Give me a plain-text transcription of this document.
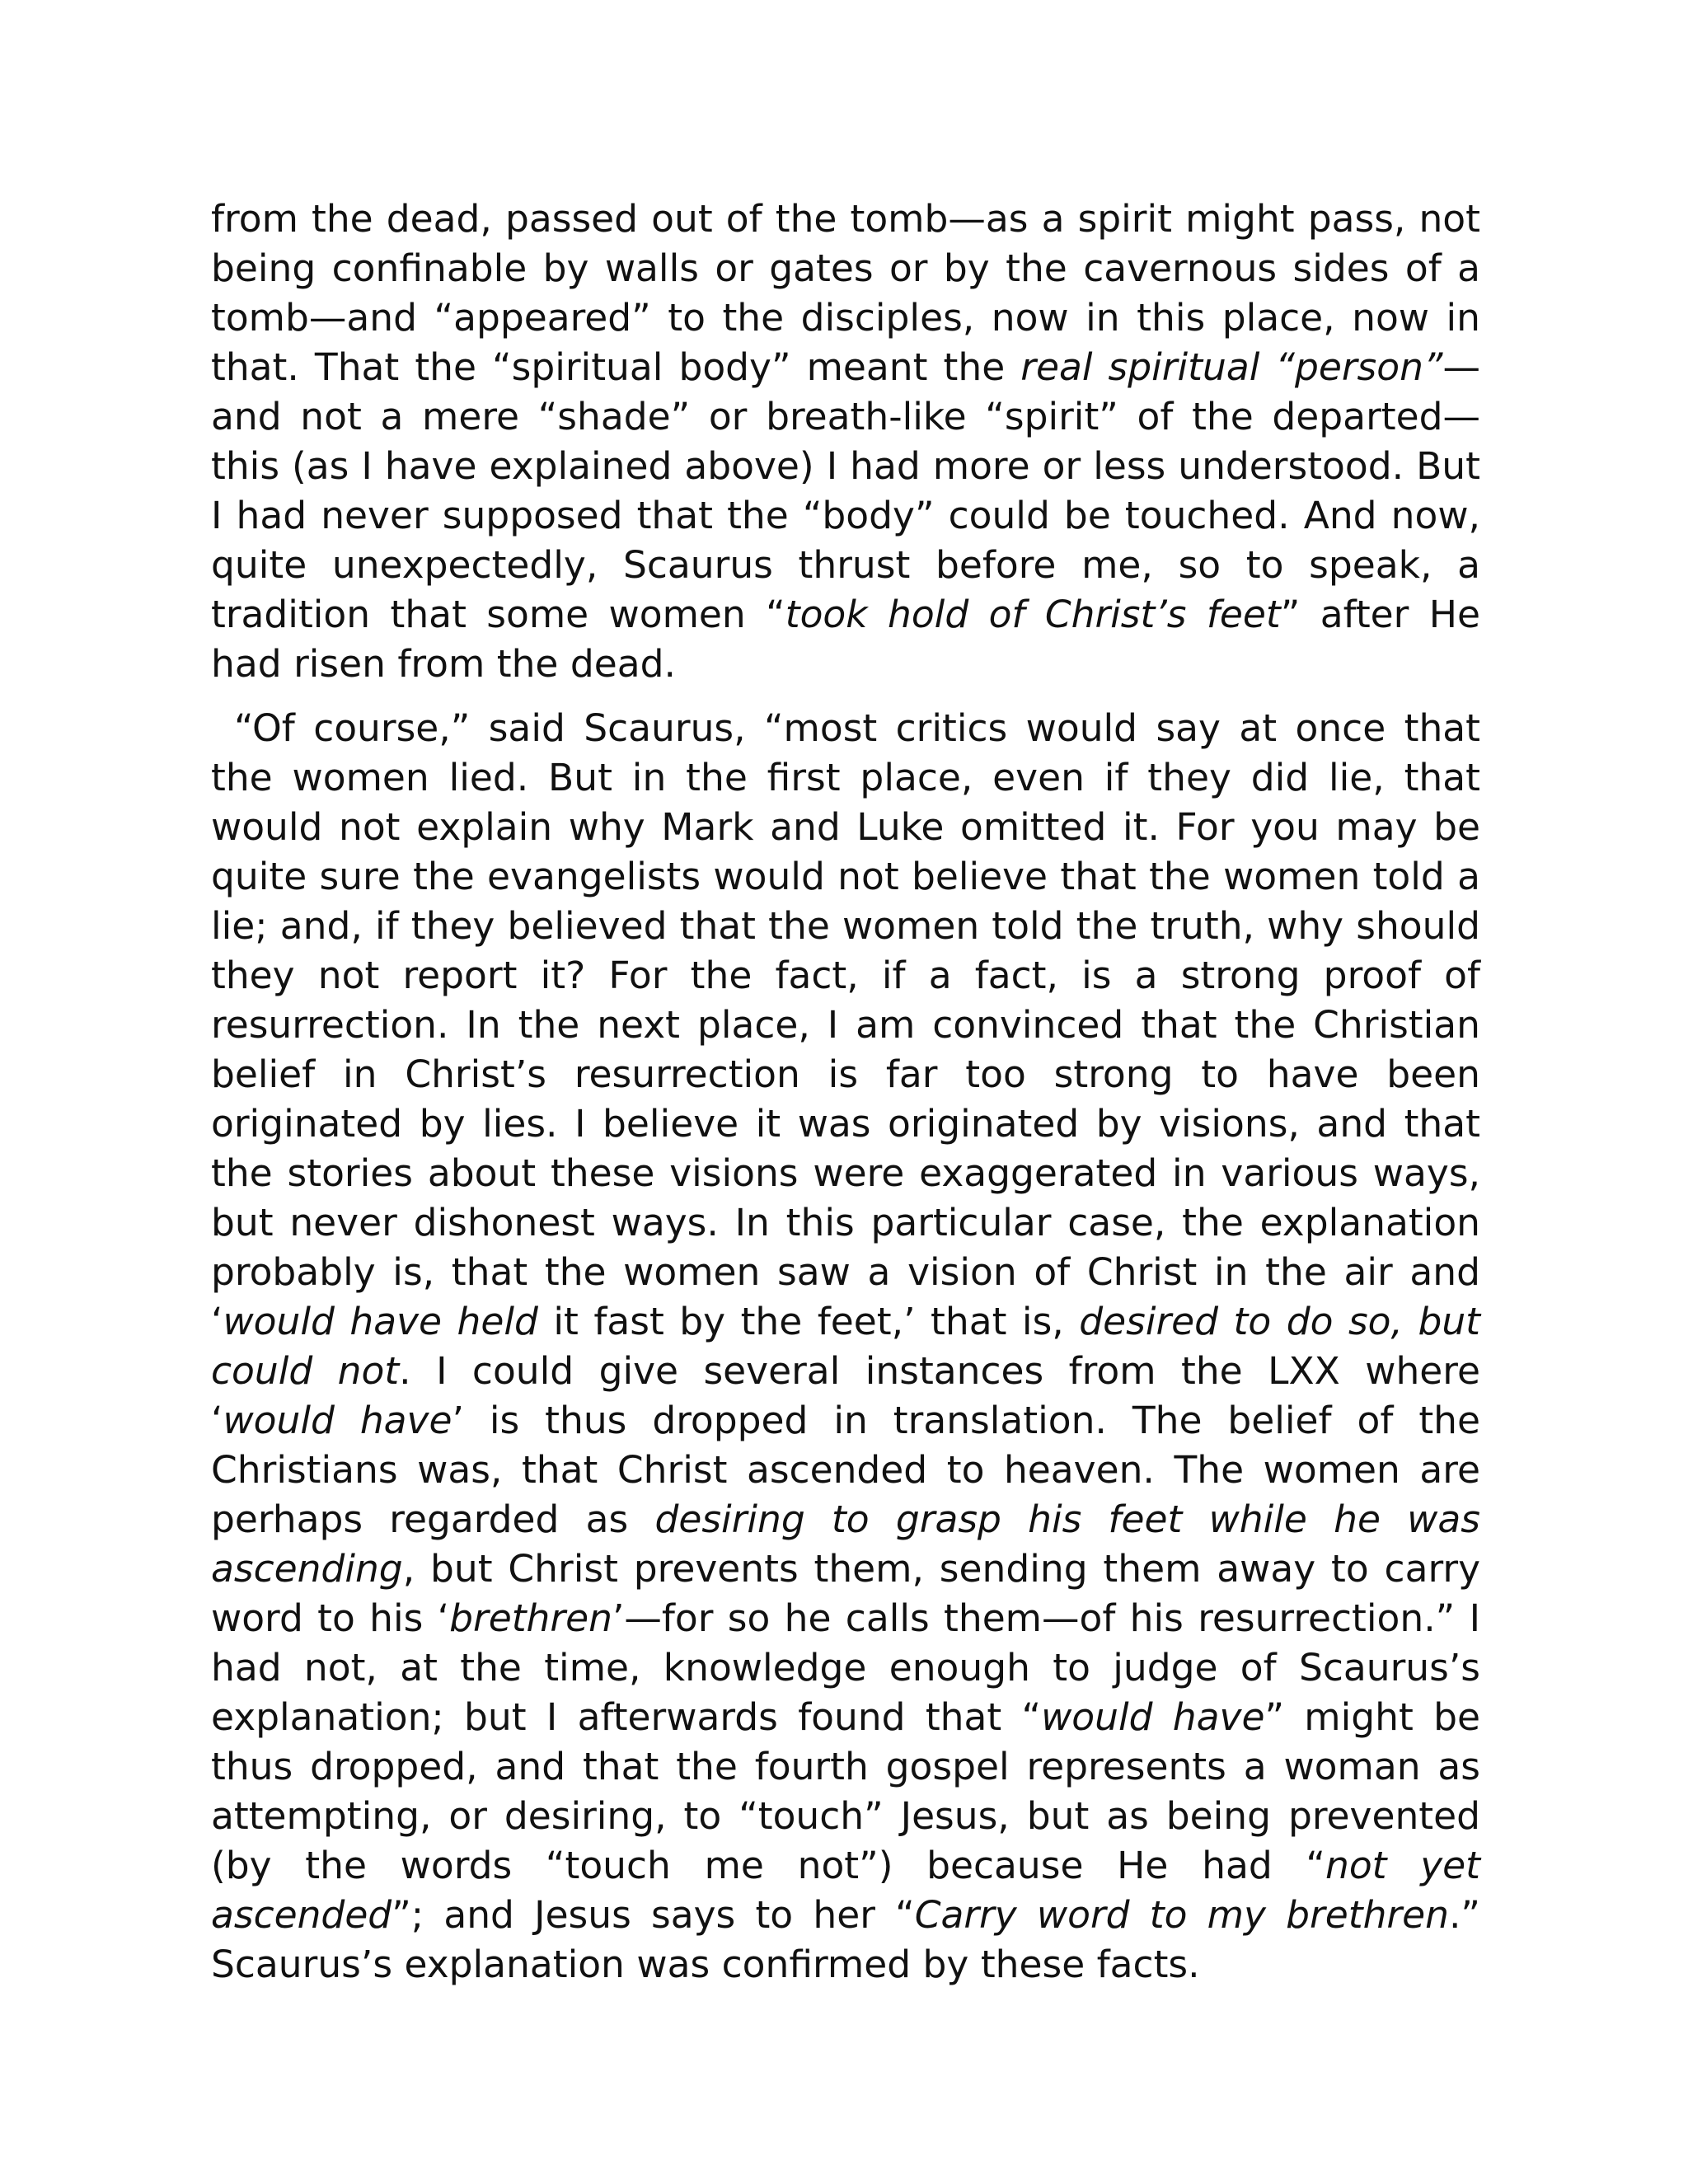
from the dead, passed out of the tomb—as a spirit might pass, not being confinable by walls or gates or by the cavernous sides of a tomb—and “appeared” to the disciples, now in this place, now in that. That the “spiritual body” meant the real spiritual “person”—and not a mere “shade” or breath-like “spirit” of the departed—this (as I have explained above) I had more or less understood. But I had never supposed that the “body” could be touched. And now, quite unexpectedly, Scaurus thrust before me, so to speak, a tradition that some women “took hold of Christ’s feet” after He had risen from the dead.

“Of course,” said Scaurus, “most critics would say at once that the women lied. But in the first place, even if they did lie, that would not explain why Mark and Luke omitted it. For you may be quite sure the evangelists would not believe that the women told a lie; and, if they believed that the women told the truth, why should they not report it? For the fact, if a fact, is a strong proof of resurrection. In the next place, I am convinced that the Christian belief in Christ’s resurrection is far too strong to have been originated by lies. I believe it was originated by visions, and that the stories about these visions were exaggerated in various ways, but never dishonest ways. In this particular case, the explanation probably is, that the women saw a vision of Christ in the air and ‘would have held it fast by the feet,’ that is, desired to do so, but could not. I could give several instances from the LXX where ‘would have’ is thus dropped in translation. The belief of the Christians was, that Christ ascended to heaven. The women are perhaps regarded as desiring to grasp his feet while he was ascending, but Christ prevents them, sending them away to carry word to his ‘brethren’—for so he calls them—of his resurrection.” I had not, at the time, knowledge enough to judge of Scaurus’s explanation; but I afterwards found that “would have” might be thus dropped, and that the fourth gospel represents a woman as attempting, or desiring, to “touch” Jesus, but as being prevented (by the words “touch me not”) because He had “not yet ascended”; and Jesus says to her “Carry word to my brethren.” Scaurus’s explanation was confirmed by these facts.
